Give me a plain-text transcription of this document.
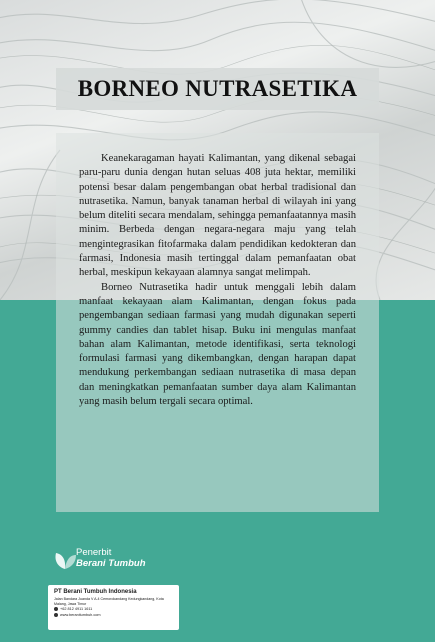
BORNEO NUTRASETIKA

Keanekaragaman hayati Kalimantan, yang dikenal sebagai paru-paru dunia dengan hutan seluas 408 juta hektar, memiliki potensi besar dalam pengembangan obat herbal tradisional dan nutrasetika. Namun, banyak tanaman herbal di wilayah ini yang belum diteliti secara mendalam, sehingga pemanfaatannya masih minim. Berbeda dengan negara-negara maju yang telah mengintegrasikan fitofarmaka dalam pendidikan kedokteran dan farmasi, Indonesia masih tertinggal dalam pemanfaatan obat herbal, meskipun kekayaan alamnya sangat melimpah.

Borneo Nutrasetika hadir untuk menggali lebih dalam manfaat kekayaan alam Kalimantan, dengan fokus pada pengembangan sediaan farmasi yang mudah digunakan seperti gummy candies dan tablet hisap. Buku ini mengulas manfaat bahan alam Kalimantan, metode identifikasi, serta teknologi formulasi farmasi yang dikembangkan, dengan harapan dapat mendukung perkembangan sediaan nutrasetika di masa depan dan meningkatkan pemanfaatan sumber daya alam Kalimantan yang masih belum tergali secara optimal.

Penerbit
Berani Tumbuh
PT Berani Tumbuh Indonesia
Jalan Bandara Juanda V A.4 Cemorokandang Kedungkandang, Kota Malang, Jawa Timur
+62 812 4911 1611
www.beranitumbuh.com
